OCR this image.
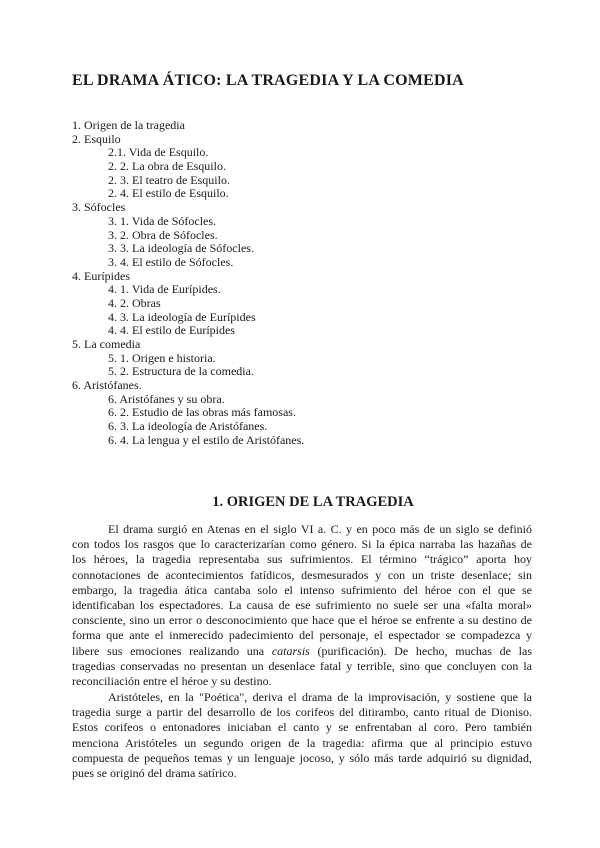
EL DRAMA ÁTICO: LA TRAGEDIA Y LA COMEDIA
1. Origen de la tragedia
2. Esquilo
2.1. Vida de Esquilo.
2. 2. La obra de Esquilo.
2. 3. El teatro de Esquilo.
2. 4. El estilo de Esquilo.
3. Sófocles
3. 1. Vida de Sófocles.
3. 2. Obra de Sófocles.
3. 3. La ideología de Sófocles.
3. 4. El estilo de Sófocles.
4. Eurípides
4. 1. Vida de Eurípides.
4. 2. Obras
4. 3. La ideología de Eurípides
4. 4. El estilo de Eurípides
5. La comedia
5. 1. Origen e historia.
5. 2. Estructura de la comedia.
6. Aristófanes.
6. Aristófanes y su obra.
6. 2. Estudio de las obras más famosas.
6. 3. La ideología de Aristófanes.
6. 4. La lengua y el estilo de Aristófanes.
1. ORIGEN DE LA TRAGEDIA
El drama surgió en Atenas en el siglo VI a. C. y en poco más de un siglo se definió
con todos los rasgos que lo caracterizarían como género. Si la épica narraba las hazañas de
los héroes, la tragedia representaba sus sufrimientos. El término “trágico” aporta hoy
connotaciones de acontecimientos fatídicos, desmesurados y con un triste desenlace; sin
embargo, la tragedia ática cantaba solo el intenso sufrimiento del héroe con el que se
identificaban los espectadores. La causa de ese sufrimiento no suele ser una «falta moral»
consciente, sino un error o desconocimiento que hace que el héroe se enfrente a su destino de
forma que ante el inmerecido padecimiento del personaje, el espectador se compadezca y
libere sus emociones realizando una catarsis (purificación). De hecho, muchas de las
tragedias conservadas no presentan un desenlace fatal y terrible, sino que concluyen con la
reconciliación entre el héroe y su destino.
Aristóteles, en la "Poética", deriva el drama de la improvisación, y sostiene que la
tragedia surge a partir del desarrollo de los corifeos del ditirambo, canto ritual de Dioniso.
Estos corifeos o entonadores iniciaban el canto y se enfrentaban al coro. Pero también
menciona Aristóteles un segundo origen de la tragedia: afirma que al principio estuvo
compuesta de pequeños temas y un lenguaje jocoso, y sólo más tarde adquirió su dignidad,
pues se originó del drama satírico.
